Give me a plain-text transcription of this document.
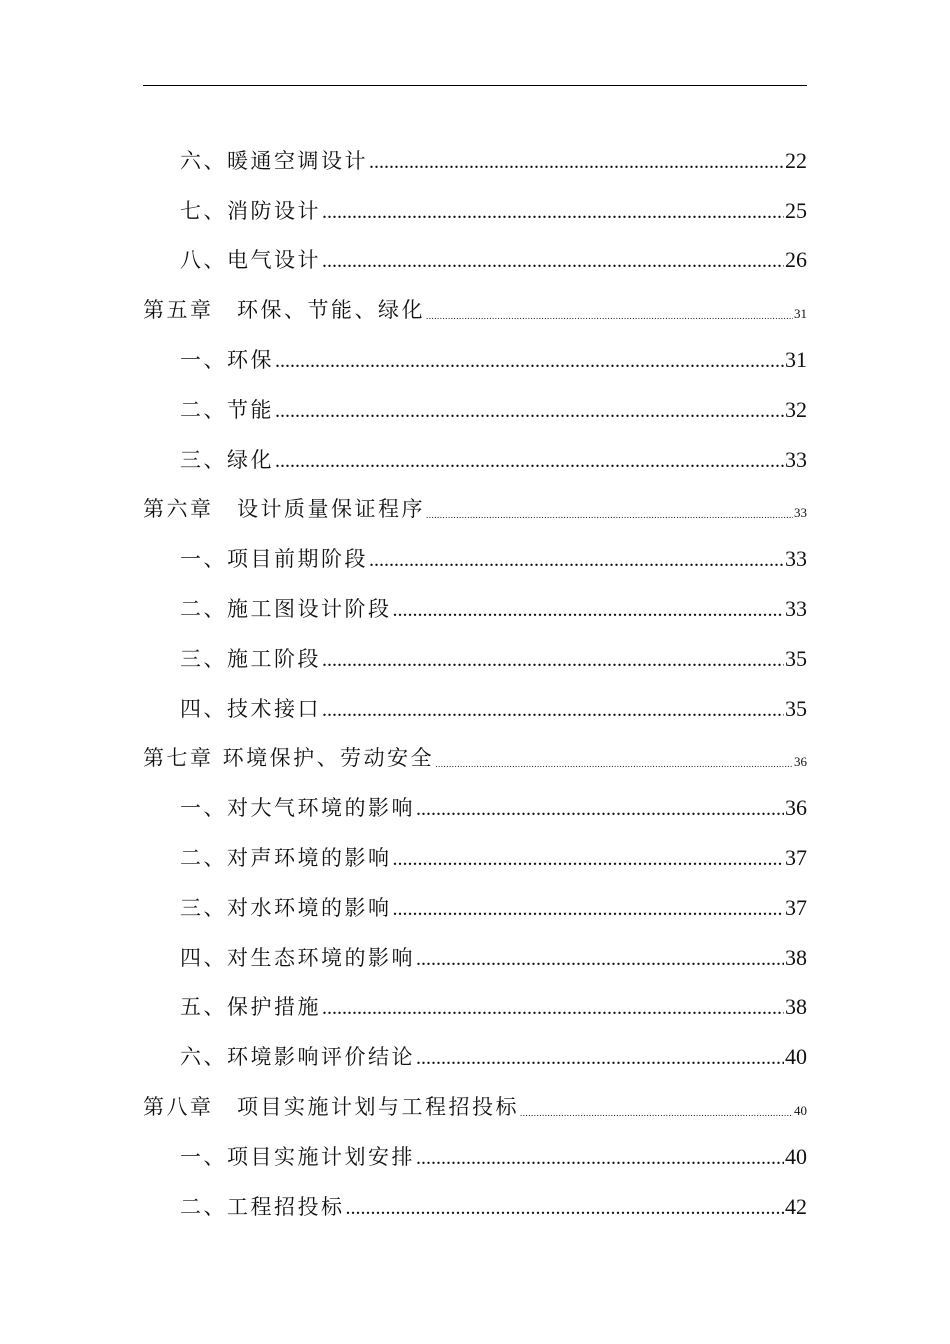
六、暖通空调设计 .....	22
七、消防设计 .....	25
八、电气设计 .....	26
第五章　环保、节能、绿化 .....	31
一、环保 .....	31
二、节能 .....	32
三、绿化 .....	33
第六章　设计质量保证程序 .....	33
一、项目前期阶段 .....	33
二、施工图设计阶段 .....	33
三、施工阶段 .....	35
四、技术接口 .....	35
第七章 环境保护、劳动安全 .....	36
一、对大气环境的影响 .....	36
二、对声环境的影响 .....	37
三、对水环境的影响 .....	37
四、对生态环境的影响 .....	38
五、保护措施 .....	38
六、环境影响评价结论 .....	40
第八章　项目实施计划与工程招投标 .....	40
一、项目实施计划安排 .....	40
二、工程招投标 .....	42
